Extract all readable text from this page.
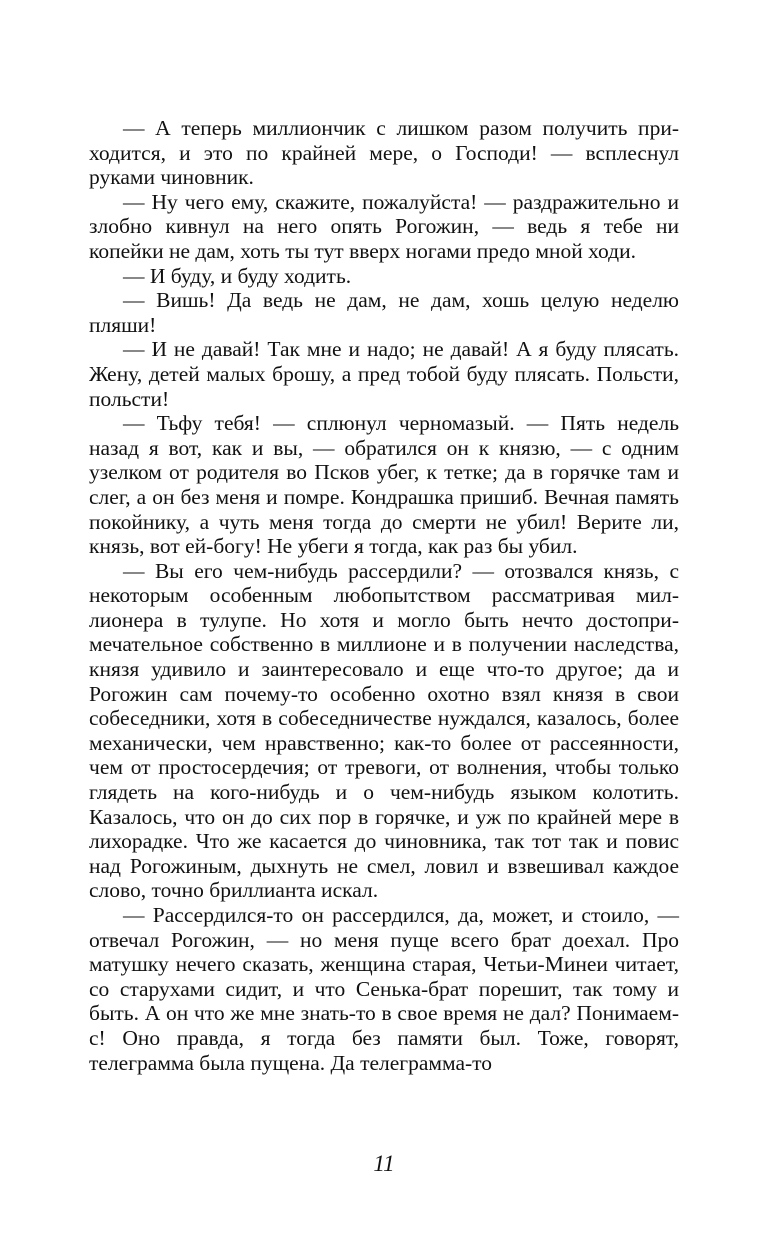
— А теперь миллиончик с лишком разом получить приходится, и это по крайней мере, о Господи! — всплеснул руками чиновник.

— Ну чего ему, скажите, пожалуйста! — раздражительно и злобно кивнул на него опять Рогожин, — ведь я тебе ни копейки не дам, хоть ты тут вверх ногами предо мной ходи.

— И буду, и буду ходить.

— Вишь! Да ведь не дам, не дам, хошь целую неделю пляши!

— И не давай! Так мне и надо; не давай! А я буду плясать. Жену, детей малых брошу, а пред тобой буду плясать. Польсти, польсти!

— Тьфу тебя! — сплюнул черномазый. — Пять недель назад я вот, как и вы, — обратился он к князю, — с одним узелком от родителя во Псков убег, к тетке; да в горячке там и слег, а он без меня и помре. Кондрашка пришиб. Вечная память покойнику, а чуть меня тогда до смерти не убил! Верите ли, князь, вот ей-богу! Не убеги я тогда, как раз бы убил.

— Вы его чем-нибудь рассердили? — отозвался князь, с некоторым особенным любопытством рассматривая миллионера в тулупе. Но хотя и могло быть нечто достопримечательное собственно в миллионе и в получении наследства, князя удивило и заинтересовало и еще что-то другое; да и Рогожин сам почему-то особенно охотно взял князя в свои собеседники, хотя в собеседничестве нуждался, казалось, более механически, чем нравственно; как-то более от рассеянности, чем от простосердечия; от тревоги, от волнения, чтобы только глядеть на кого-нибудь и о чем-нибудь языком колотить. Казалось, что он до сих пор в горячке, и уж по крайней мере в лихорадке. Что же касается до чиновника, так тот так и повис над Рогожиным, дыхнуть не смел, ловил и взвешивал каждое слово, точно бриллианта искал.

— Рассердился-то он рассердился, да, может, и стоило, — отвечал Рогожин, — но меня пуще всего брат доехал. Про матушку нечего сказать, женщина старая, Четьи-Минеи читает, со старухами сидит, и что Сенька-брат порешит, так тому и быть. А он что же мне знать-то в свое время не дал? Понимаем-с! Оно правда, я тогда без памяти был. Тоже, говорят, телеграмма была пущена. Да телеграмма-то

11
